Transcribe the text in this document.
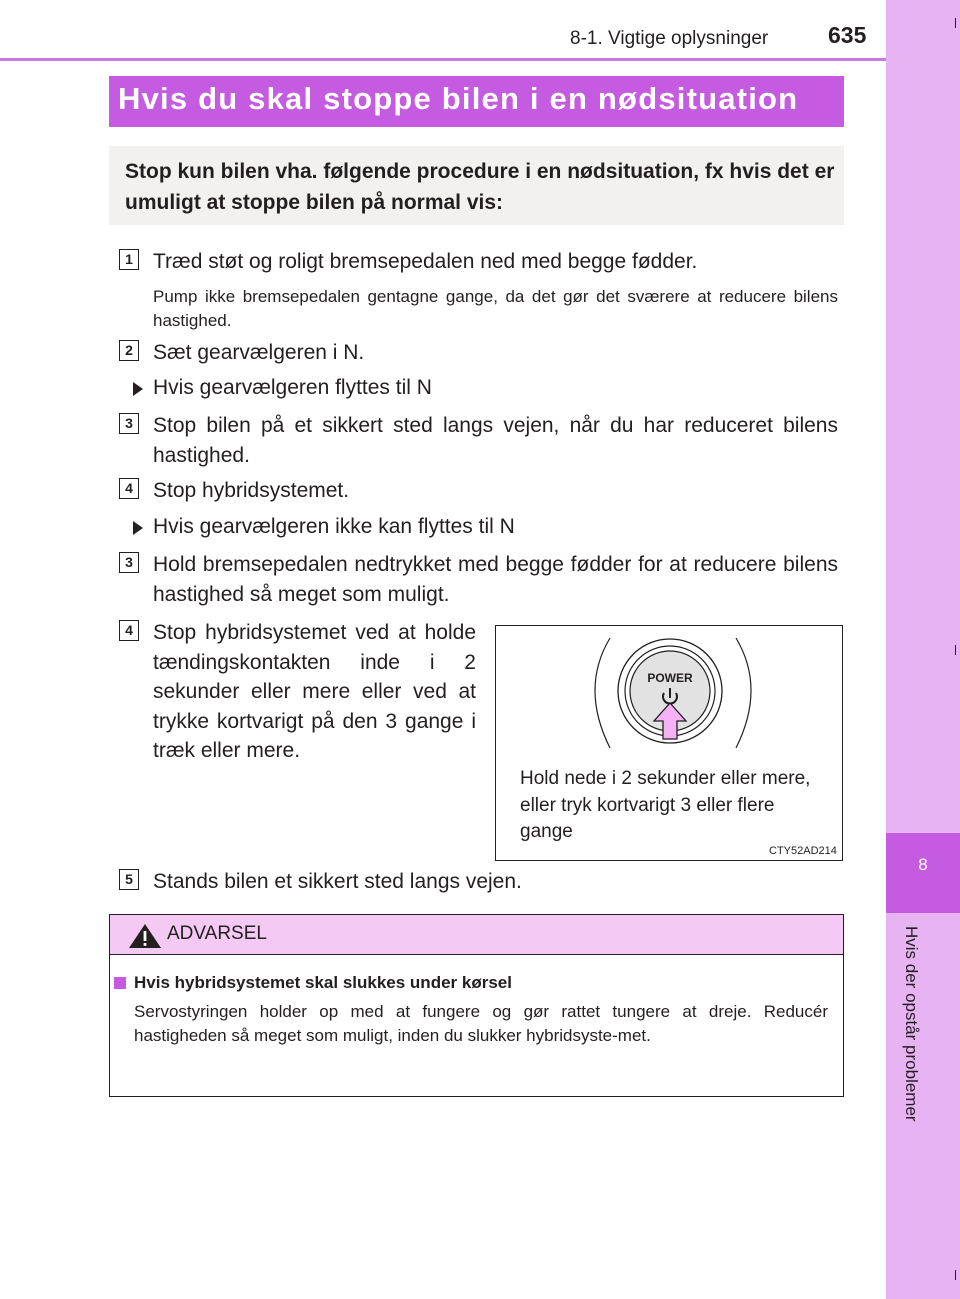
8-1. Vigtige oplysninger	635
8
Hvis der opstår problemer
Hvis du skal stoppe bilen i en nødsituation
Stop kun bilen vha. følgende procedure i en nødsituation, fx hvis det er umuligt at stoppe bilen på normal vis:
1 Træd støt og roligt bremsepedalen ned med begge fødder.
Pump ikke bremsepedalen gentagne gange, da det gør det sværere at reducere bilens hastighed.
2 Sæt gearvælgeren i N.
Hvis gearvælgeren flyttes til N
3 Stop bilen på et sikkert sted langs vejen, når du har reduceret bilens hastighed.
4 Stop hybridsystemet.
Hvis gearvælgeren ikke kan flyttes til N
3 Hold bremsepedalen nedtrykket med begge fødder for at reducere bilens hastighed så meget som muligt.
4 Stop hybridsystemet ved at holde tændingskontakten inde i 2 sekunder eller mere eller ved at trykke kortvarigt på den 3 gange i træk eller mere.
POWER
Hold nede i 2 sekunder eller mere, eller tryk kortvarigt 3 eller flere gange
CTY52AD214
5 Stands bilen et sikkert sted langs vejen.
ADVARSEL
Hvis hybridsystemet skal slukkes under kørsel
Servostyringen holder op med at fungere og gør rattet tungere at dreje. Reducér hastigheden så meget som muligt, inden du slukker hybridsyste-met.
